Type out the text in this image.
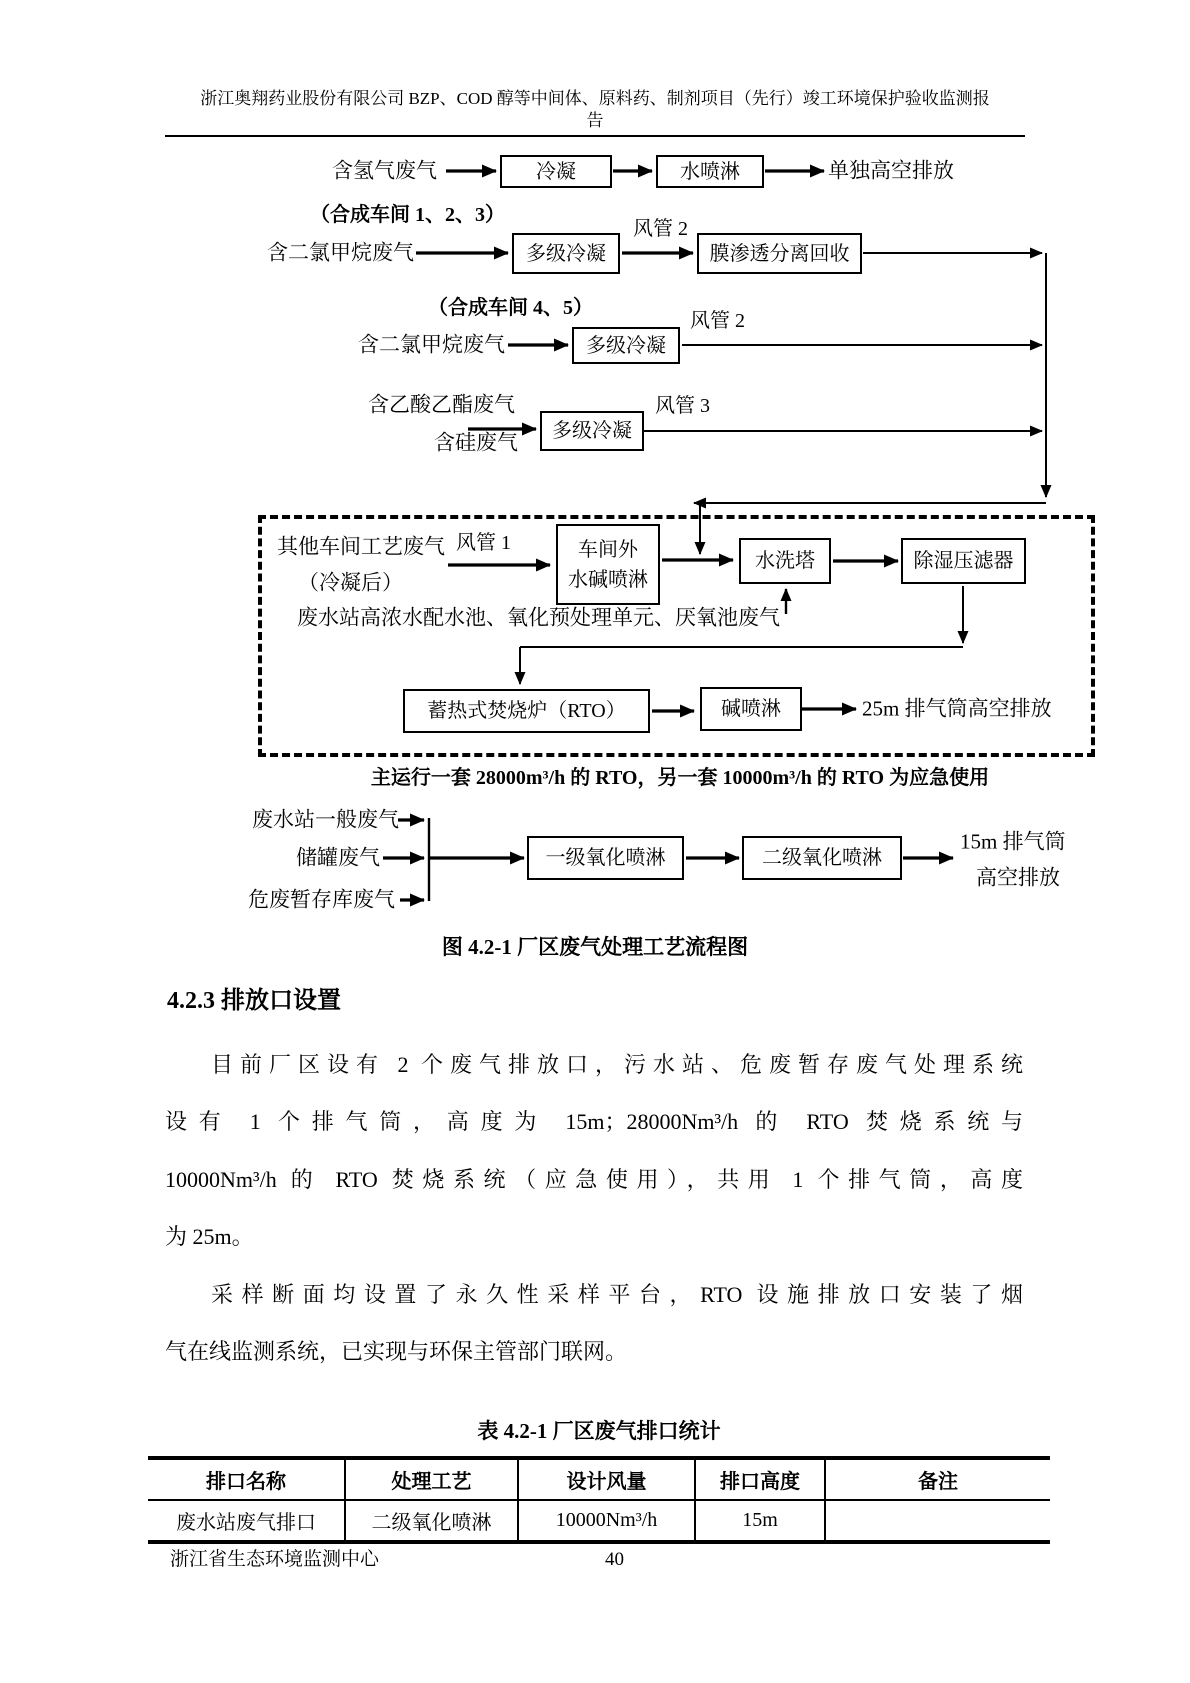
浙江奥翔药业股份有限公司 BZP、COD 醇等中间体、原料药、制剂项目（先行）竣工环境保护验收监测报
告
含氢气废气	冷凝	水喷淋	单独高空排放
（合成车间 1、2、3）
含二氯甲烷废气	多级冷凝
风管 2
膜渗透分离回收
（合成车间 4、5）
含二氯甲烷废气	多级冷凝
风管 2
含乙酸乙酯废气
含硅废气	多级冷凝
风管 3
其他车间工艺废气
（冷凝后）
风管 1	车间外
水碱喷淋
水洗塔	除湿压滤器
废水站高浓水配水池、氧化预处理单元、厌氧池废气
蓄热式焚烧炉（RTO）	碱喷淋	25m 排气筒高空排放
主运行一套 28000m³/h 的 RTO，另一套 10000m³/h 的 RTO 为应急使用
废水站一般废气
储罐废气
危废暂存库废气
一级氧化喷淋	二级氧化喷淋
15m 排气筒
高空排放
图 4.2-1 厂区废气处理工艺流程图
4.2.3 排放口设置
目前厂区设有 2 个废气排放口，污水站、危废暂存废气处理系统
设有 1 个排气筒，高度为 15m；28000Nm³/h 的 RTO 焚烧系统与
10000Nm³/h 的 RTO 焚烧系统（应急使用），共用 1 个排气筒，高度
为 25m。
采样断面均设置了永久性采样平台，RTO 设施排放口安装了烟
气在线监测系统，已实现与环保主管部门联网。
表 4.2-1 厂区废气排口统计
排口名称	处理工艺	设计风量	排口高度	备注
废水站废气排口	二级氧化喷淋	10000Nm³/h	15m
浙江省生态环境监测中心	40
